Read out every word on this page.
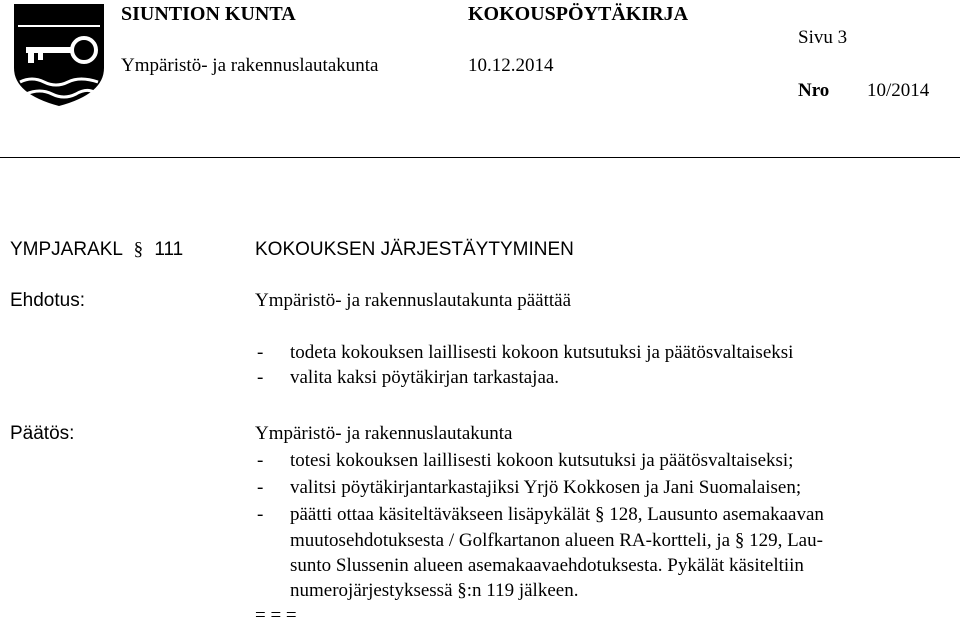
SIUNTION KUNTA	KOKOUSPÖYTÄKIRJA
Sivu 3
Ympäristö- ja rakennuslautakunta	10.12.2014
Nro 10/2014
YMPJARAKL § 111	KOKOUKSEN JÄRJESTÄYTYMINEN
Ehdotus:	Ympäristö- ja rakennuslautakunta päättää
-	todeta kokouksen laillisesti kokoon kutsutuksi ja päätösvaltaiseksi
-	valita kaksi pöytäkirjan tarkastajaa.
Päätös:	Ympäristö- ja rakennuslautakunta
-	totesi kokouksen laillisesti kokoon kutsutuksi ja päätösvaltaiseksi;
-	valitsi pöytäkirjantarkastajiksi Yrjö Kokkosen ja Jani Suomalaisen;
-	päätti ottaa käsiteltäväkseen lisäpykälät § 128, Lausunto asemakaavan
muutosehdotuksesta / Golfkartanon alueen RA-kortteli, ja § 129, Lau-
sunto Slussenin alueen asemakaavaehdotuksesta. Pykälät käsiteltiin
numerojärjestyksessä §:n 119 jälkeen.
= = =
